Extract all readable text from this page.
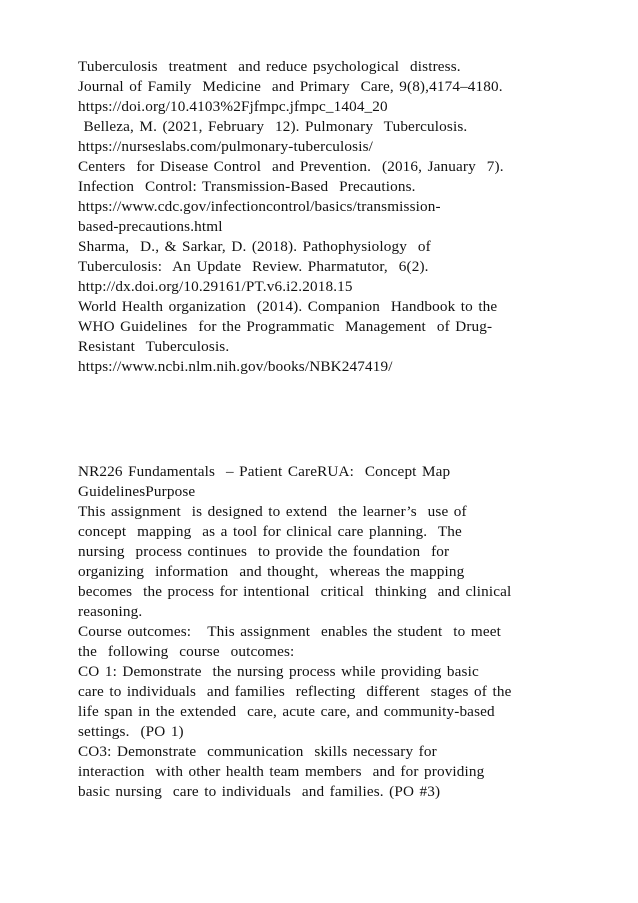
Tuberculosis  treatment  and reduce psychological  distress.
Journal of Family  Medicine  and Primary  Care, 9(8),4174–4180.
https://doi.org/10.4103%2Fjfmpc.jfmpc_1404_20
Belleza, M. (2021, February  12). Pulmonary  Tuberculosis.
https://nurseslabs.com/pulmonary-tuberculosis/
Centers  for Disease Control  and Prevention.  (2016, January  7).
Infection  Control: Transmission-Based  Precautions.
https://www.cdc.gov/infectioncontrol/basics/transmission-
based-precautions.html
Sharma,  D., & Sarkar, D. (2018). Pathophysiology  of
Tuberculosis:  An Update  Review. Pharmatutor,  6(2).
http://dx.doi.org/10.29161/PT.v6.i2.2018.15
World Health organization  (2014). Companion  Handbook to the
WHO Guidelines  for the Programmatic  Management  of Drug-
Resistant  Tuberculosis.
https://www.ncbi.nlm.nih.gov/books/NBK247419/
NR226 Fundamentals  – Patient CareRUA:  Concept Map
GuidelinesPurpose
This assignment  is designed to extend  the learner’s  use of
concept  mapping  as a tool for clinical care planning.  The
nursing  process continues  to provide the foundation  for
organizing  information  and thought,  whereas the mapping
becomes  the process for intentional  critical  thinking  and clinical
reasoning.
Course outcomes:   This assignment  enables the student  to meet
the  following  course  outcomes:
CO 1: Demonstrate  the nursing process while providing basic
care to individuals  and families  reflecting  different  stages of the
life span in the extended  care, acute care, and community-based
settings.  (PO 1)
CO3: Demonstrate  communication  skills necessary for
interaction  with other health team members  and for providing
basic nursing  care to individuals  and families. (PO #3)
